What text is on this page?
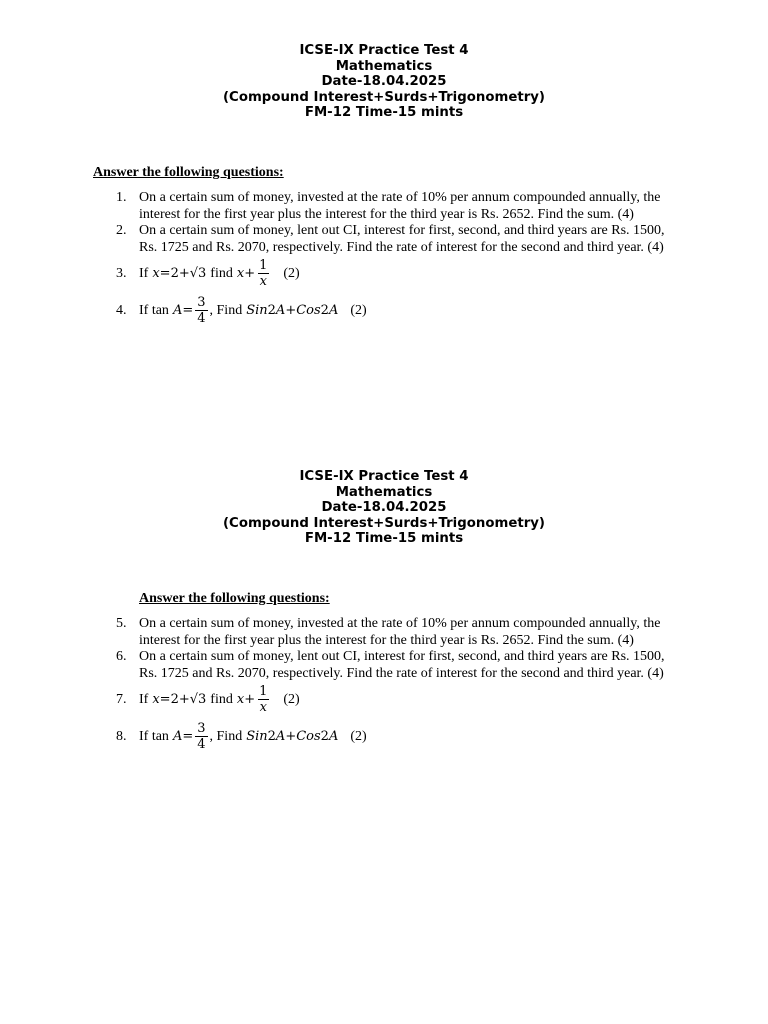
ICSE-IX Practice Test 4
Mathematics
Date-18.04.2025
(Compound Interest+Surds+Trigonometry)
FM-12 Time-15 mints
Answer the following questions:
1. On a certain sum of money, invested at the rate of 10% per annum compounded annually, the interest for the first year plus the interest for the third year is Rs. 2652. Find the sum. (4)
2. On a certain sum of money, lent out CI, interest for first, second, and third years are Rs. 1500, Rs. 1725 and Rs. 2070, respectively. Find the rate of interest for the second and third year. (4)
3. If x =2+√3 find $x + \frac{1}{x} (2)$
4. If $\tan A = \frac{3}{4}$ , Find Sin 2 A + Cos 2 A (2)
ICSE-IX Practice Test 4
Mathematics
Date-18.04.2025
(Compound Interest+Surds+Trigonometry)
FM-12 Time-15 mints
Answer the following questions:
5. On a certain sum of money, invested at the rate of 10% per annum compounded annually, the interest for the first year plus the interest for the third year is Rs. 2652. Find the sum. (4)
6. On a certain sum of money, lent out CI, interest for first, second, and third years are Rs. 1500, Rs. 1725 and Rs. 2070, respectively. Find the rate of interest for the second and third year. (4)
7. If x =2+√3 find $x + \frac{1}{x} (2)$
8. If $\tan A = \frac{3}{4}$ , Find Sin 2 A + Cos 2 A (2)
